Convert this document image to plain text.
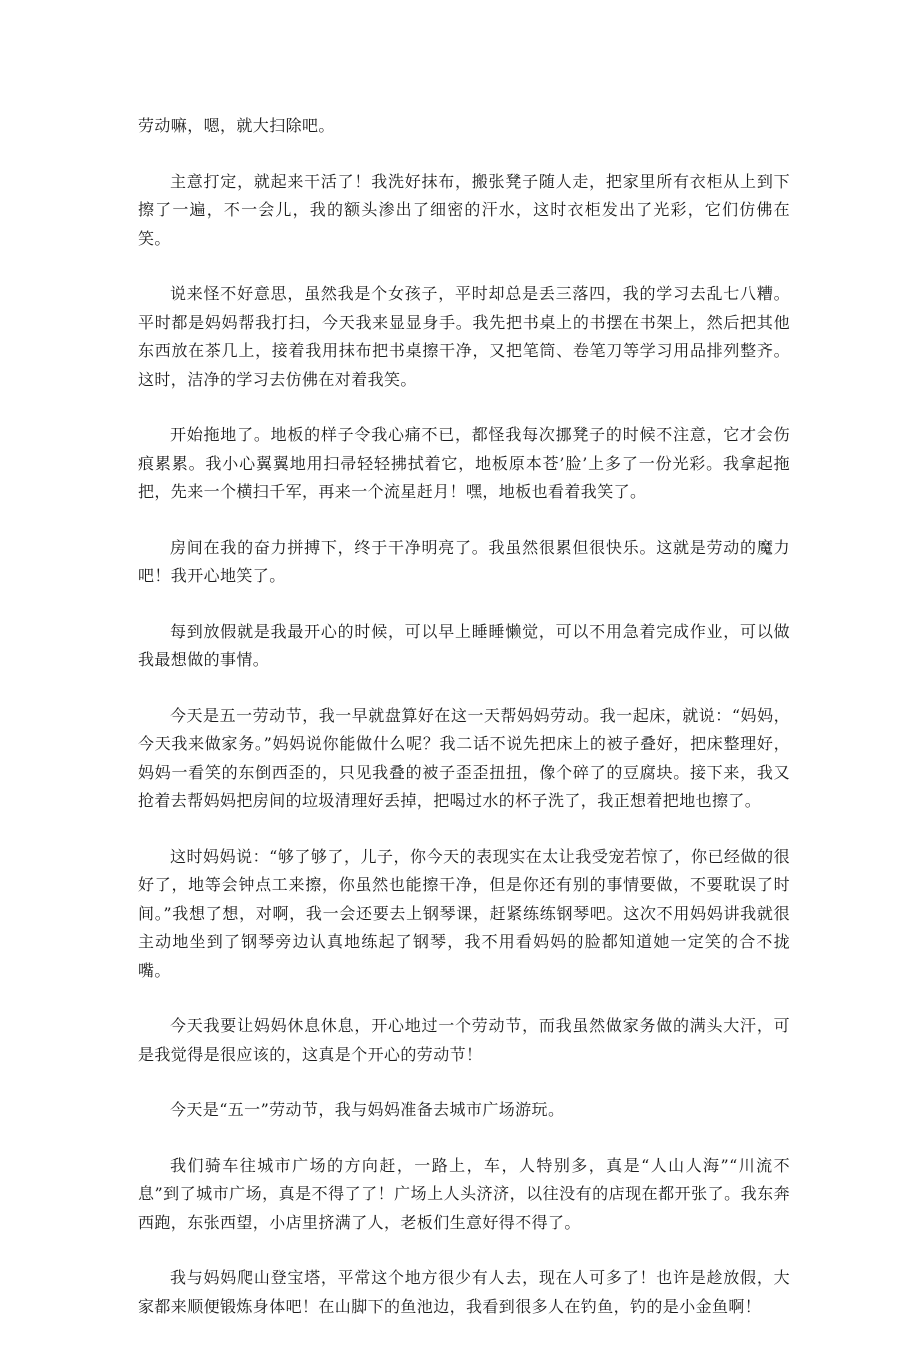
劳动嘛，嗯，就大扫除吧。

主意打定，就起来干活了！我洗好抹布，搬张凳子随人走，把家里所有衣柜从上到下擦了一遍，不一会儿，我的额头渗出了细密的汗水，这时衣柜发出了光彩，它们仿佛在笑。

说来怪不好意思，虽然我是个女孩子，平时却总是丢三落四，我的学习去乱七八糟。平时都是妈妈帮我打扫，今天我来显显身手。我先把书桌上的书摆在书架上，然后把其他东西放在茶几上，接着我用抹布把书桌擦干净，又把笔筒、卷笔刀等学习用品排列整齐。这时，洁净的学习去仿佛在对着我笑。

开始拖地了。地板的样子令我心痛不已，都怪我每次挪凳子的时候不注意，它才会伤痕累累。我小心翼翼地用扫帚轻轻拂拭着它，地板原本苍’脸’上多了一份光彩。我拿起拖把，先来一个横扫千军，再来一个流星赶月！嘿，地板也看着我笑了。

房间在我的奋力拼搏下，终于干净明亮了。我虽然很累但很快乐。这就是劳动的魔力吧！我开心地笑了。

每到放假就是我最开心的时候，可以早上睡睡懒觉，可以不用急着完成作业，可以做我最想做的事情。

今天是五一劳动节，我一早就盘算好在这一天帮妈妈劳动。我一起床，就说：“妈妈，今天我来做家务。”妈妈说你能做什么呢？我二话不说先把床上的被子叠好，把床整理好，妈妈一看笑的东倒西歪的，只见我叠的被子歪歪扭扭，像个碎了的豆腐块。接下来，我又抢着去帮妈妈把房间的垃圾清理好丢掉，把喝过水的杯子洗了，我正想着把地也擦了。

这时妈妈说：“够了够了，儿子，你今天的表现实在太让我受宠若惊了，你已经做的很好了，地等会钟点工来擦，你虽然也能擦干净，但是你还有别的事情要做，不要耽误了时间。”我想了想，对啊，我一会还要去上钢琴课，赶紧练练钢琴吧。这次不用妈妈讲我就很主动地坐到了钢琴旁边认真地练起了钢琴，我不用看妈妈的脸都知道她一定笑的合不拢嘴。

今天我要让妈妈休息休息，开心地过一个劳动节，而我虽然做家务做的满头大汗，可是我觉得是很应该的，这真是个开心的劳动节！

今天是“五一”劳动节，我与妈妈准备去城市广场游玩。

我们骑车往城市广场的方向赶，一路上，车，人特别多，真是“人山人海”“川流不息”到了城市广场，真是不得了了！广场上人头济济，以往没有的店现在都开张了。我东奔西跑，东张西望，小店里挤满了人，老板们生意好得不得了。

我与妈妈爬山登宝塔，平常这个地方很少有人去，现在人可多了！也许是趁放假，大家都来顺便锻炼身体吧！在山脚下的鱼池边，我看到很多人在钓鱼，钓的是小金鱼啊！
